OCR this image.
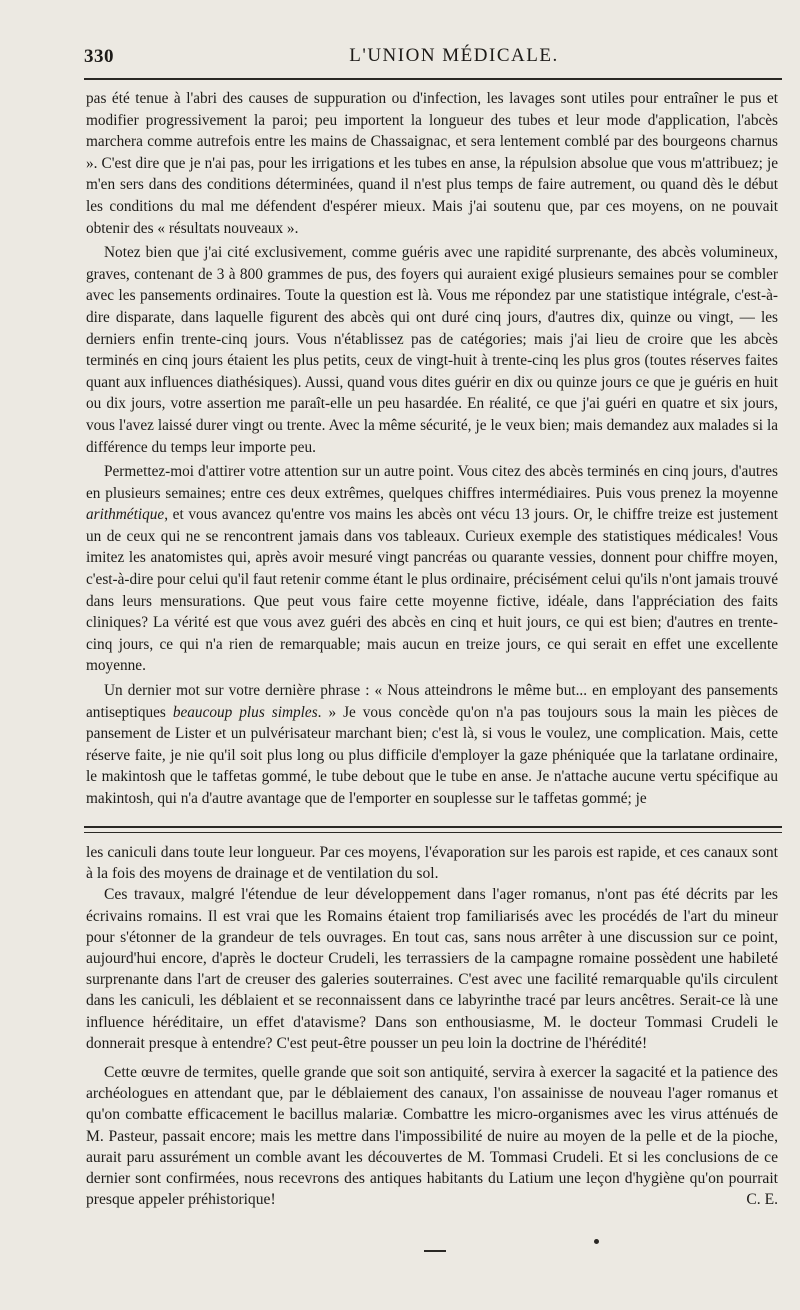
330	L'UNION MÉDICALE.

pas été tenue à l'abri des causes de suppuration ou d'infection, les lavages sont utiles pour entraîner le pus et modifier progressivement la paroi; peu importent la longueur des tubes et leur mode d'application, l'abcès marchera comme autrefois entre les mains de Chassaignac, et sera lentement comblé par des bourgeons charnus ». C'est dire que je n'ai pas, pour les irrigations et les tubes en anse, la répulsion absolue que vous m'attribuez; je m'en sers dans des conditions déterminées, quand il n'est plus temps de faire autrement, ou quand dès le début les conditions du mal me défendent d'espérer mieux. Mais j'ai soutenu que, par ces moyens, on ne pouvait obtenir des « résultats nouveaux ».

Notez bien que j'ai cité exclusivement, comme guéris avec une rapidité surprenante, des abcès volumineux, graves, contenant de 3 à 800 grammes de pus, des foyers qui auraient exigé plusieurs semaines pour se combler avec les pansements ordinaires. Toute la question est là. Vous me répondez par une statistique intégrale, c'est-à-dire disparate, dans laquelle figurent des abcès qui ont duré cinq jours, d'autres dix, quinze ou vingt, — les derniers enfin trente-cinq jours. Vous n'établissez pas de catégories; mais j'ai lieu de croire que les abcès terminés en cinq jours étaient les plus petits, ceux de vingt-huit à trente-cinq les plus gros (toutes réserves faites quant aux influences diathésiques). Aussi, quand vous dites guérir en dix ou quinze jours ce que je guéris en huit ou dix jours, votre assertion me paraît-elle un peu hasardée. En réalité, ce que j'ai guéri en quatre et six jours, vous l'avez laissé durer vingt ou trente. Avec la même sécurité, je le veux bien; mais demandez aux malades si la différence du temps leur importe peu.

Permettez-moi d'attirer votre attention sur un autre point. Vous citez des abcès terminés en cinq jours, d'autres en plusieurs semaines; entre ces deux extrêmes, quelques chiffres intermédiaires. Puis vous prenez la moyenne arithmétique, et vous avancez qu'entre vos mains les abcès ont vécu 13 jours. Or, le chiffre treize est justement un de ceux qui ne se rencontrent jamais dans vos tableaux. Curieux exemple des statistiques médicales! Vous imitez les anatomistes qui, après avoir mesuré vingt pancréas ou quarante vessies, donnent pour chiffre moyen, c'est-à-dire pour celui qu'il faut retenir comme étant le plus ordinaire, précisément celui qu'ils n'ont jamais trouvé dans leurs mensurations. Que peut vous faire cette moyenne fictive, idéale, dans l'appréciation des faits cliniques? La vérité est que vous avez guéri des abcès en cinq et huit jours, ce qui est bien; d'autres en trente-cinq jours, ce qui n'a rien de remarquable; mais aucun en treize jours, ce qui serait en effet une excellente moyenne.

Un dernier mot sur votre dernière phrase : « Nous atteindrons le même but... en employant des pansements antiseptiques beaucoup plus simples. » Je vous concède qu'on n'a pas toujours sous la main les pièces de pansement de Lister et un pulvérisateur marchant bien; c'est là, si vous le voulez, une complication. Mais, cette réserve faite, je nie qu'il soit plus long ou plus difficile d'employer la gaze phéniquée que la tarlatane ordinaire, le makintosh que le taffetas gommé, le tube debout que le tube en anse. Je n'attache aucune vertu spécifique au makintosh, qui n'a d'autre avantage que de l'emporter en souplesse sur le taffetas gommé; je

les caniculi dans toute leur longueur. Par ces moyens, l'évaporation sur les parois est rapide, et ces canaux sont à la fois des moyens de drainage et de ventilation du sol.

Ces travaux, malgré l'étendue de leur développement dans l'ager romanus, n'ont pas été décrits par les écrivains romains. Il est vrai que les Romains étaient trop familiarisés avec les procédés de l'art du mineur pour s'étonner de la grandeur de tels ouvrages. En tout cas, sans nous arrêter à une discussion sur ce point, aujourd'hui encore, d'après le docteur Crudeli, les terrassiers de la campagne romaine possèdent une habileté surprenante dans l'art de creuser des galeries souterraines. C'est avec une facilité remarquable qu'ils circulent dans les caniculi, les déblaient et se reconnaissent dans ce labyrinthe tracé par leurs ancêtres. Serait-ce là une influence héréditaire, un effet d'atavisme? Dans son enthousiasme, M. le docteur Tommasi Crudeli le donnerait presque à entendre? C'est peut-être pousser un peu loin la doctrine de l'hérédité!

Cette œuvre de termites, quelle grande que soit son antiquité, servira à exercer la sagacité et la patience des archéologues en attendant que, par le déblaiement des canaux, l'on assainisse de nouveau l'ager romanus et qu'on combatte efficacement le bacillus malariæ. Combattre les micro-organismes avec les virus atténués de M. Pasteur, passait encore; mais les mettre dans l'impossibilité de nuire au moyen de la pelle et de la pioche, aurait paru assurément un comble avant les découvertes de M. Tommasi Crudeli. Et si les conclusions de ce dernier sont confirmées, nous recevrons des antiques habitants du Latium une leçon d'hygiène qu'on pourrait presque appeler préhistorique!	C. E.
